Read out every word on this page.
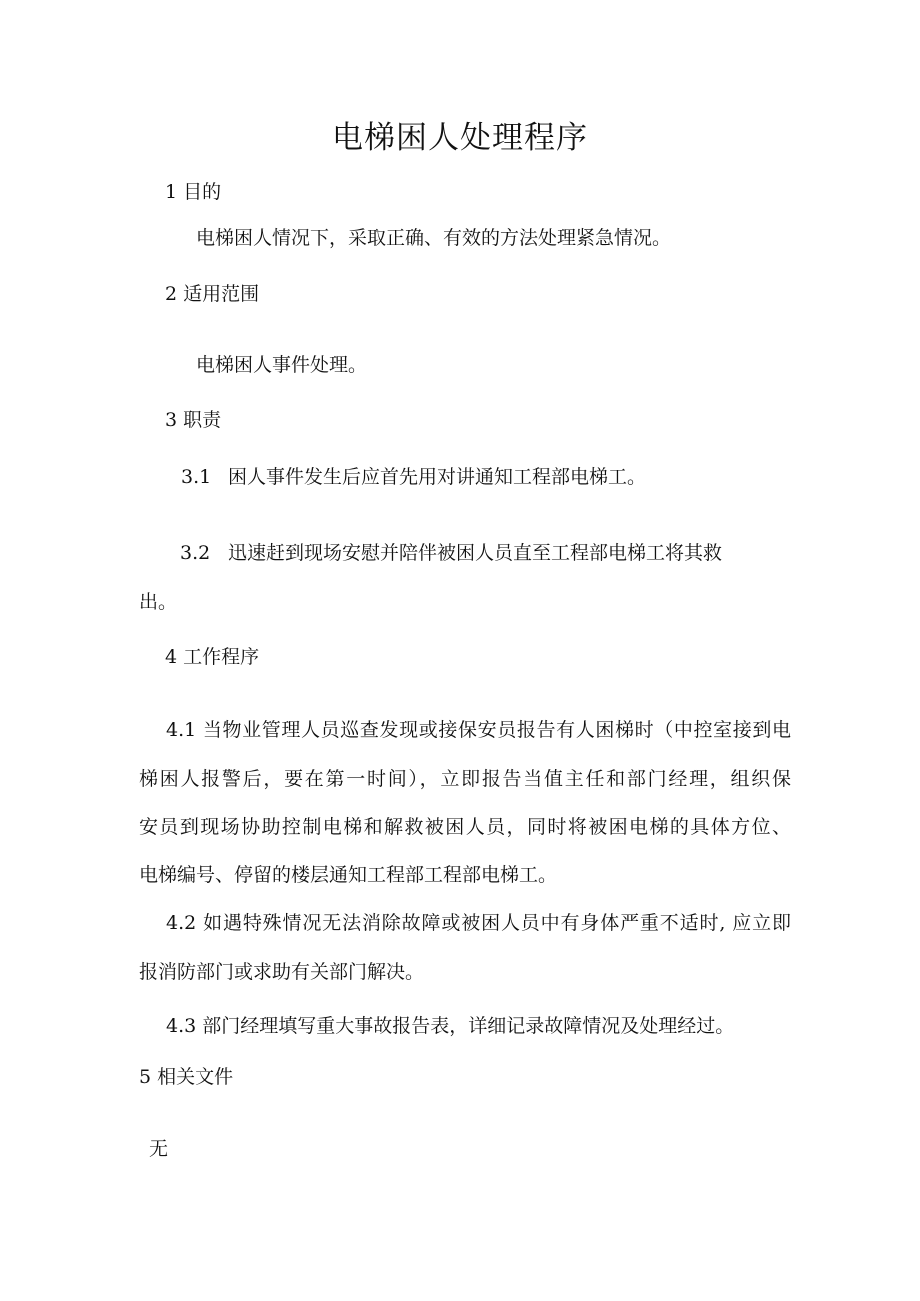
电梯困人处理程序
1 目的
电梯困人情况下，采取正确、有效的方法处理紧急情况。
2 适用范围
电梯困人事件处理。
3 职责
3.1 困人事件发生后应首先用对讲通知工程部电梯工。
3.2 迅速赶到现场安慰并陪伴被困人员直至工程部电梯工将其救
出。
4 工作程序
4.1 当物业管理人员巡查发现或接保安员报告有人困梯时（中控室接到电
梯困人报警后，要在第一时间），立即报告当值主任和部门经理，组织保
安员到现场协助控制电梯和解救被困人员，同时将被困电梯的具体方位、
电梯编号、停留的楼层通知工程部工程部电梯工。
4.2 如遇特殊情况无法消除故障或被困人员中有身体严重不适时, 应立即
报消防部门或求助有关部门解决。
4.3 部门经理填写重大事故报告表，详细记录故障情况及处理经过。
5 相关文件
无
